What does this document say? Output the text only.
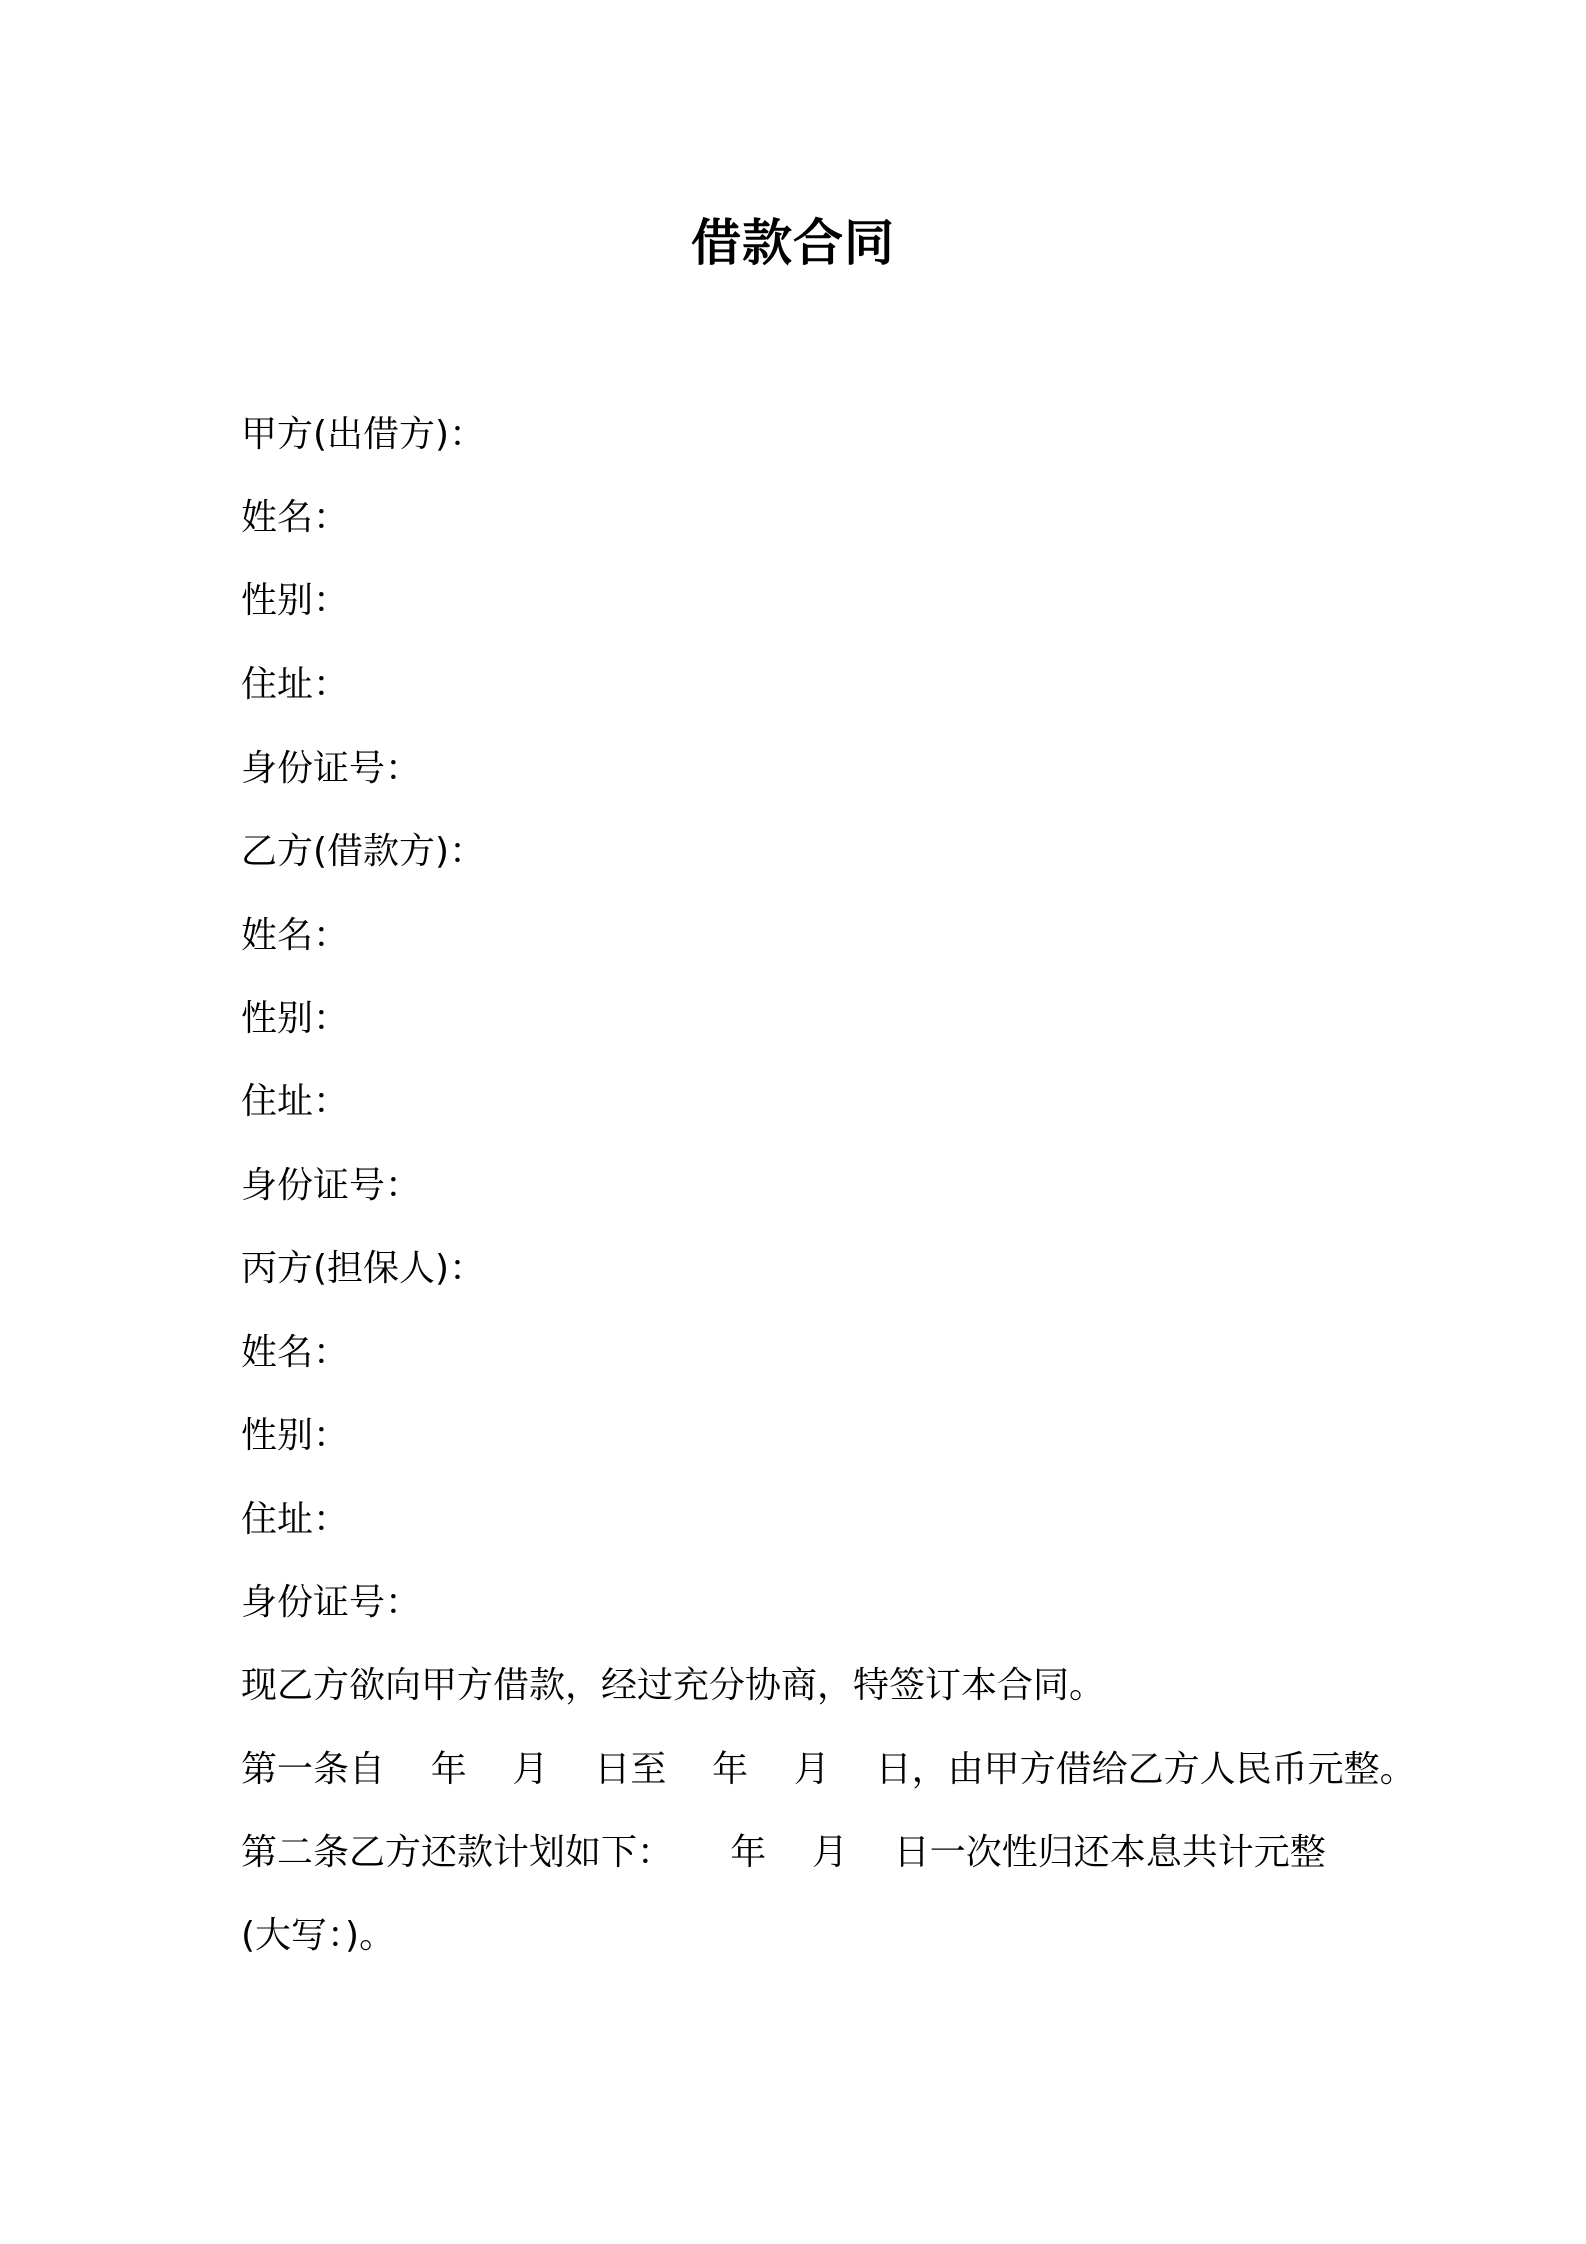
借款合同
甲方(出借方)：
姓名：
性别：
住址：
身份证号：
乙方(借款方)：
姓名：
性别：
住址：
身份证号：
丙方(担保人)：
姓名：
性别：
住址：
身份证号：
现乙方欲向甲方借款，经过充分协商，特签订本合同。
第一条自    年    月    日至    年    月    日，由甲方借给乙方人民币元整。
第二条乙方还款计划如下：     年    月    日一次性归还本息共计元整
(大写：)。
